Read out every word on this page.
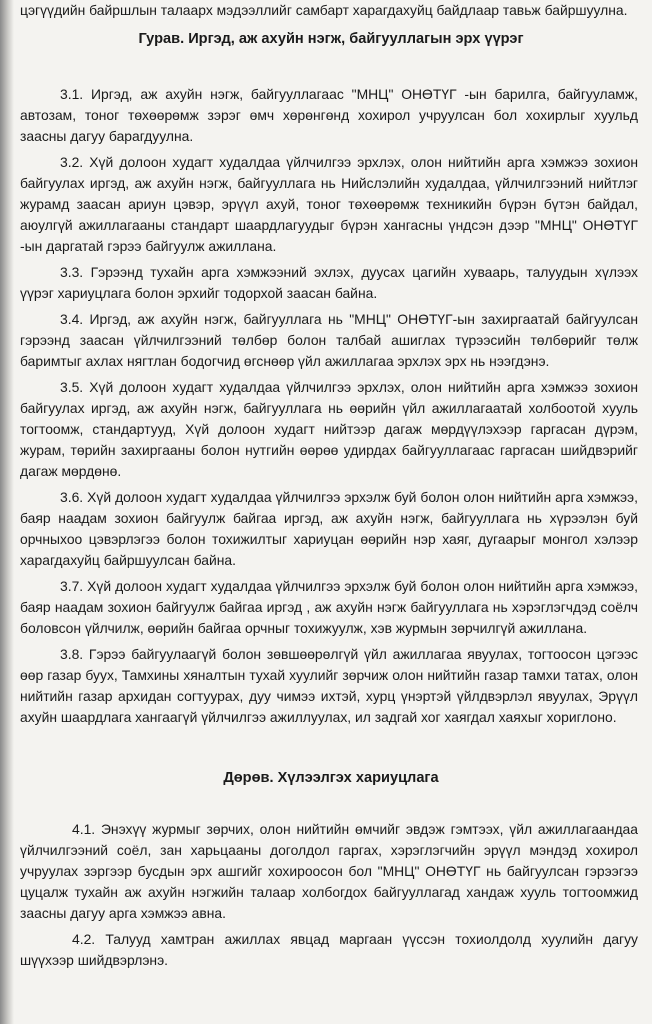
цэгүүдийн байршлын талаарх мэдээллийг самбарт харагдахуйц байдлаар тавьж байршуулна.

Гурав. Иргэд, аж ахуйн нэгж, байгууллагын эрх үүрэг

3.1. Иргэд, аж ахуйн нэгж, байгууллагаас "МНЦ" ОНӨТҮГ -ын барилга, байгууламж, автозам, тоног төхөөрөмж зэрэг өмч хөрөнгөнд хохирол учруулсан бол хохирлыг хуульд заасны дагуу барагдуулна.

3.2. Хүй долоон худагт худалдаа үйлчилгээ эрхлэх, олон нийтийн арга хэмжээ зохион байгуулах иргэд, аж ахуйн нэгж, байгууллага нь Нийслэлийн худалдаа, үйлчилгээний нийтлэг журамд заасан ариун цэвэр, эрүүл ахуй, тоног төхөөрөмж техникийн бүрэн бүтэн байдал, аюулгүй ажиллагааны стандарт шаардлагуудыг бүрэн хангасны үндсэн дээр "МНЦ" ОНӨТҮГ -ын даргатай гэрээ байгуулж ажиллана.

3.3. Гэрээнд тухайн арга хэмжээний эхлэх, дуусах цагийн хуваарь, талуудын хүлээх үүрэг хариуцлага болон эрхийг тодорхой заасан байна.

3.4. Иргэд, аж ахуйн нэгж, байгууллага нь "МНЦ" ОНӨТҮГ-ын захиргаатай байгуулсан гэрээнд заасан үйлчилгээний төлбөр болон талбай ашиглах түрээсийн төлбөрийг төлж баримтыг ахлах нягтлан бодогчид өгснөөр үйл ажиллагаа эрхлэх эрх нь нээгдэнэ.

3.5. Хүй долоон худагт худалдаа үйлчилгээ эрхлэх, олон нийтийн арга хэмжээ зохион байгуулах иргэд, аж ахуйн нэгж, байгууллага нь өөрийн үйл ажиллагаатай холбоотой хууль тогтоомж, стандартууд, Хүй долоон худагт нийтээр дагаж мөрдүүлэхээр гаргасан дүрэм, журам, төрийн захиргааны болон нутгийн өөрөө удирдах байгууллагаас гаргасан шийдвэрийг дагаж мөрдөнө.

3.6. Хүй долоон худагт худалдаа үйлчилгээ эрхэлж буй болон олон нийтийн арга хэмжээ, баяр наадам зохион байгуулж байгаа иргэд, аж ахуйн нэгж, байгууллага нь хүрээлэн буй орчныхоо цэвэрлэгээ болон тохижилтыг хариуцан өөрийн нэр хаяг, дугаарыг монгол хэлээр харагдахуйц байршуулсан байна.

3.7. Хүй долоон худагт худалдаа үйлчилгээ эрхэлж буй болон олон нийтийн арга хэмжээ, баяр наадам зохион байгуулж байгаа иргэд , аж ахуйн нэгж байгууллага нь хэрэглэгчдэд соёлч боловсон үйлчилж, өөрийн байгаа орчныг тохижуулж, хэв журмын зөрчилгүй ажиллана.

3.8. Гэрээ байгуулаагүй болон зөвшөөрөлгүй үйл ажиллагаа явуулах, тогтоосон цэгээс өөр газар буух, Тамхины хяналтын тухай хуулийг зөрчиж олон нийтийн газар тамхи татах, олон нийтийн газар архидан согтуурах, дуу чимээ ихтэй, хурц үнэртэй үйлдвэрлэл явуулах, Эрүүл ахуйн шаардлага хангаагүй үйлчилгээ ажиллуулах, ил задгай хог хаягдал хаяхыг хориглоно.

Дөрөв. Хүлээлгэх хариуцлага

4.1. Энэхүү журмыг зөрчих, олон нийтийн өмчийг эвдэж гэмтээх, үйл ажиллагаандаа үйлчилгээний соёл, зан харьцааны доголдол гаргах, хэрэглэгчийн эрүүл мэндэд хохирол учруулах зэргээр бусдын эрх ашгийг хохироосон бол "МНЦ" ОНӨТҮГ нь байгуулсан гэрээгээ цуцалж тухайн аж ахуйн нэгжийн талаар холбогдох байгууллагад хандаж хууль тогтоомжид заасны дагуу арга хэмжээ авна.

4.2. Талууд хамтран ажиллах явцад маргаан үүссэн тохиолдолд хуулийн дагуу шүүхээр шийдвэрлэнэ.
